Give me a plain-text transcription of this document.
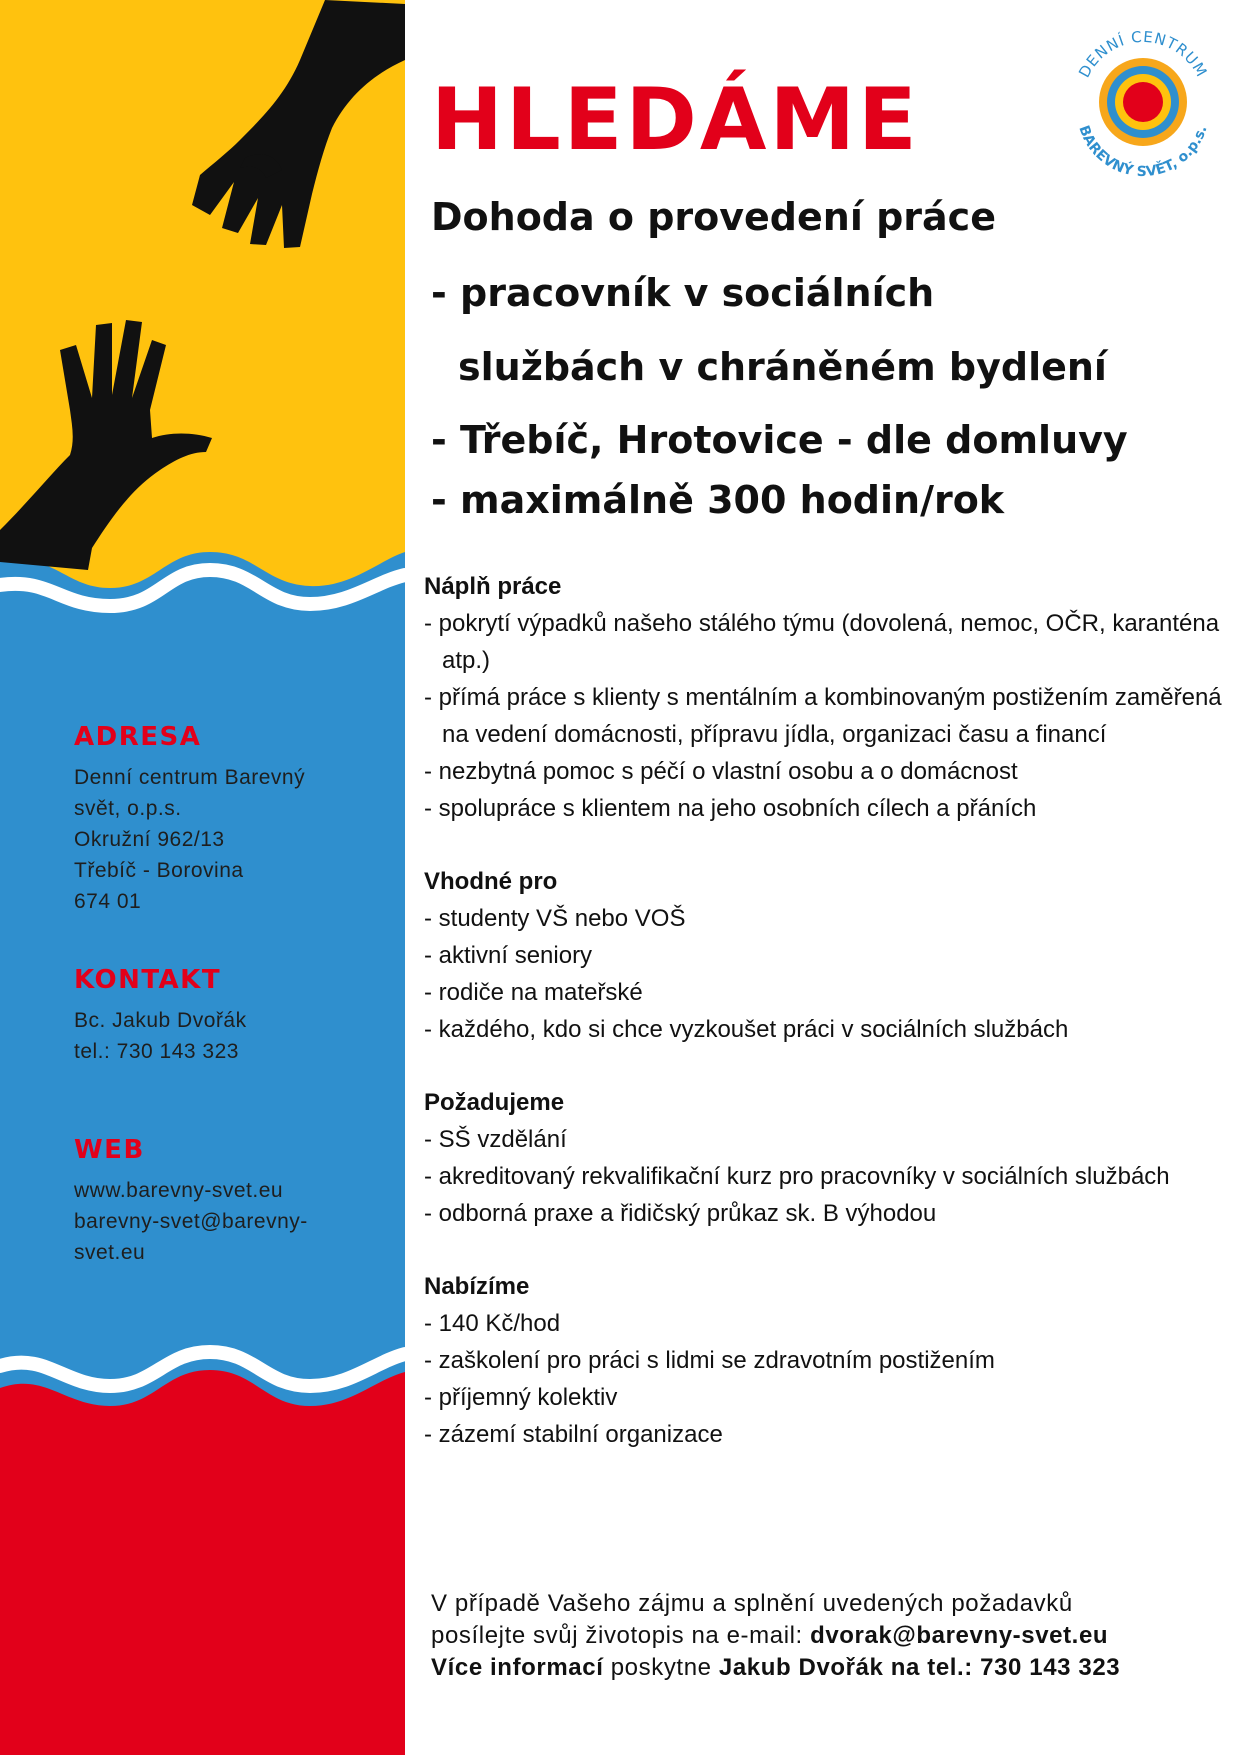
ADRESA
Denní centrum Barevný
svět, o.p.s.
Okružní 962/13
Třebíč - Borovina
674 01
KONTAKT
Bc. Jakub Dvořák
tel.: 730 143 323
WEB
www.barevny-svet.eu
barevny-svet@barevny-
svet.eu
DENNÍ CENTRUM
BAREVNÝ SVĚT, o.p.s.
HLEDÁME
Dohoda o provedení práce
- pracovník v sociálních
službách v chráněném bydlení
- Třebíč, Hrotovice - dle domluvy
- maximálně 300 hodin/rok
Náplň práce
- pokrytí výpadků našeho stálého týmu (dovolená, nemoc, OČR, karanténa atp.)
- přímá práce s klienty s mentálním a kombinovaným postižením zaměřená na vedení domácnosti, přípravu jídla, organizaci času a financí
- nezbytná pomoc s péčí o vlastní osobu a o domácnost
- spolupráce s klientem na jeho osobních cílech a přáních
Vhodné pro
- studenty VŠ nebo VOŠ
- aktivní seniory
- rodiče na mateřské
- každého, kdo si chce vyzkoušet práci v sociálních službách
Požadujeme
- SŠ vzdělání
- akreditovaný rekvalifikační kurz pro pracovníky v sociálních službách
- odborná praxe a řidičský průkaz sk. B výhodou
Nabízíme
- 140 Kč/hod
- zaškolení pro práci s lidmi se zdravotním postižením
- příjemný kolektiv
- zázemí stabilní organizace
V případě Vašeho zájmu a splnění uvedených požadavků
posílejte svůj životopis na e-mail: dvorak@barevny-svet.eu
Více informací poskytne Jakub Dvořák na tel.: 730 143 323
